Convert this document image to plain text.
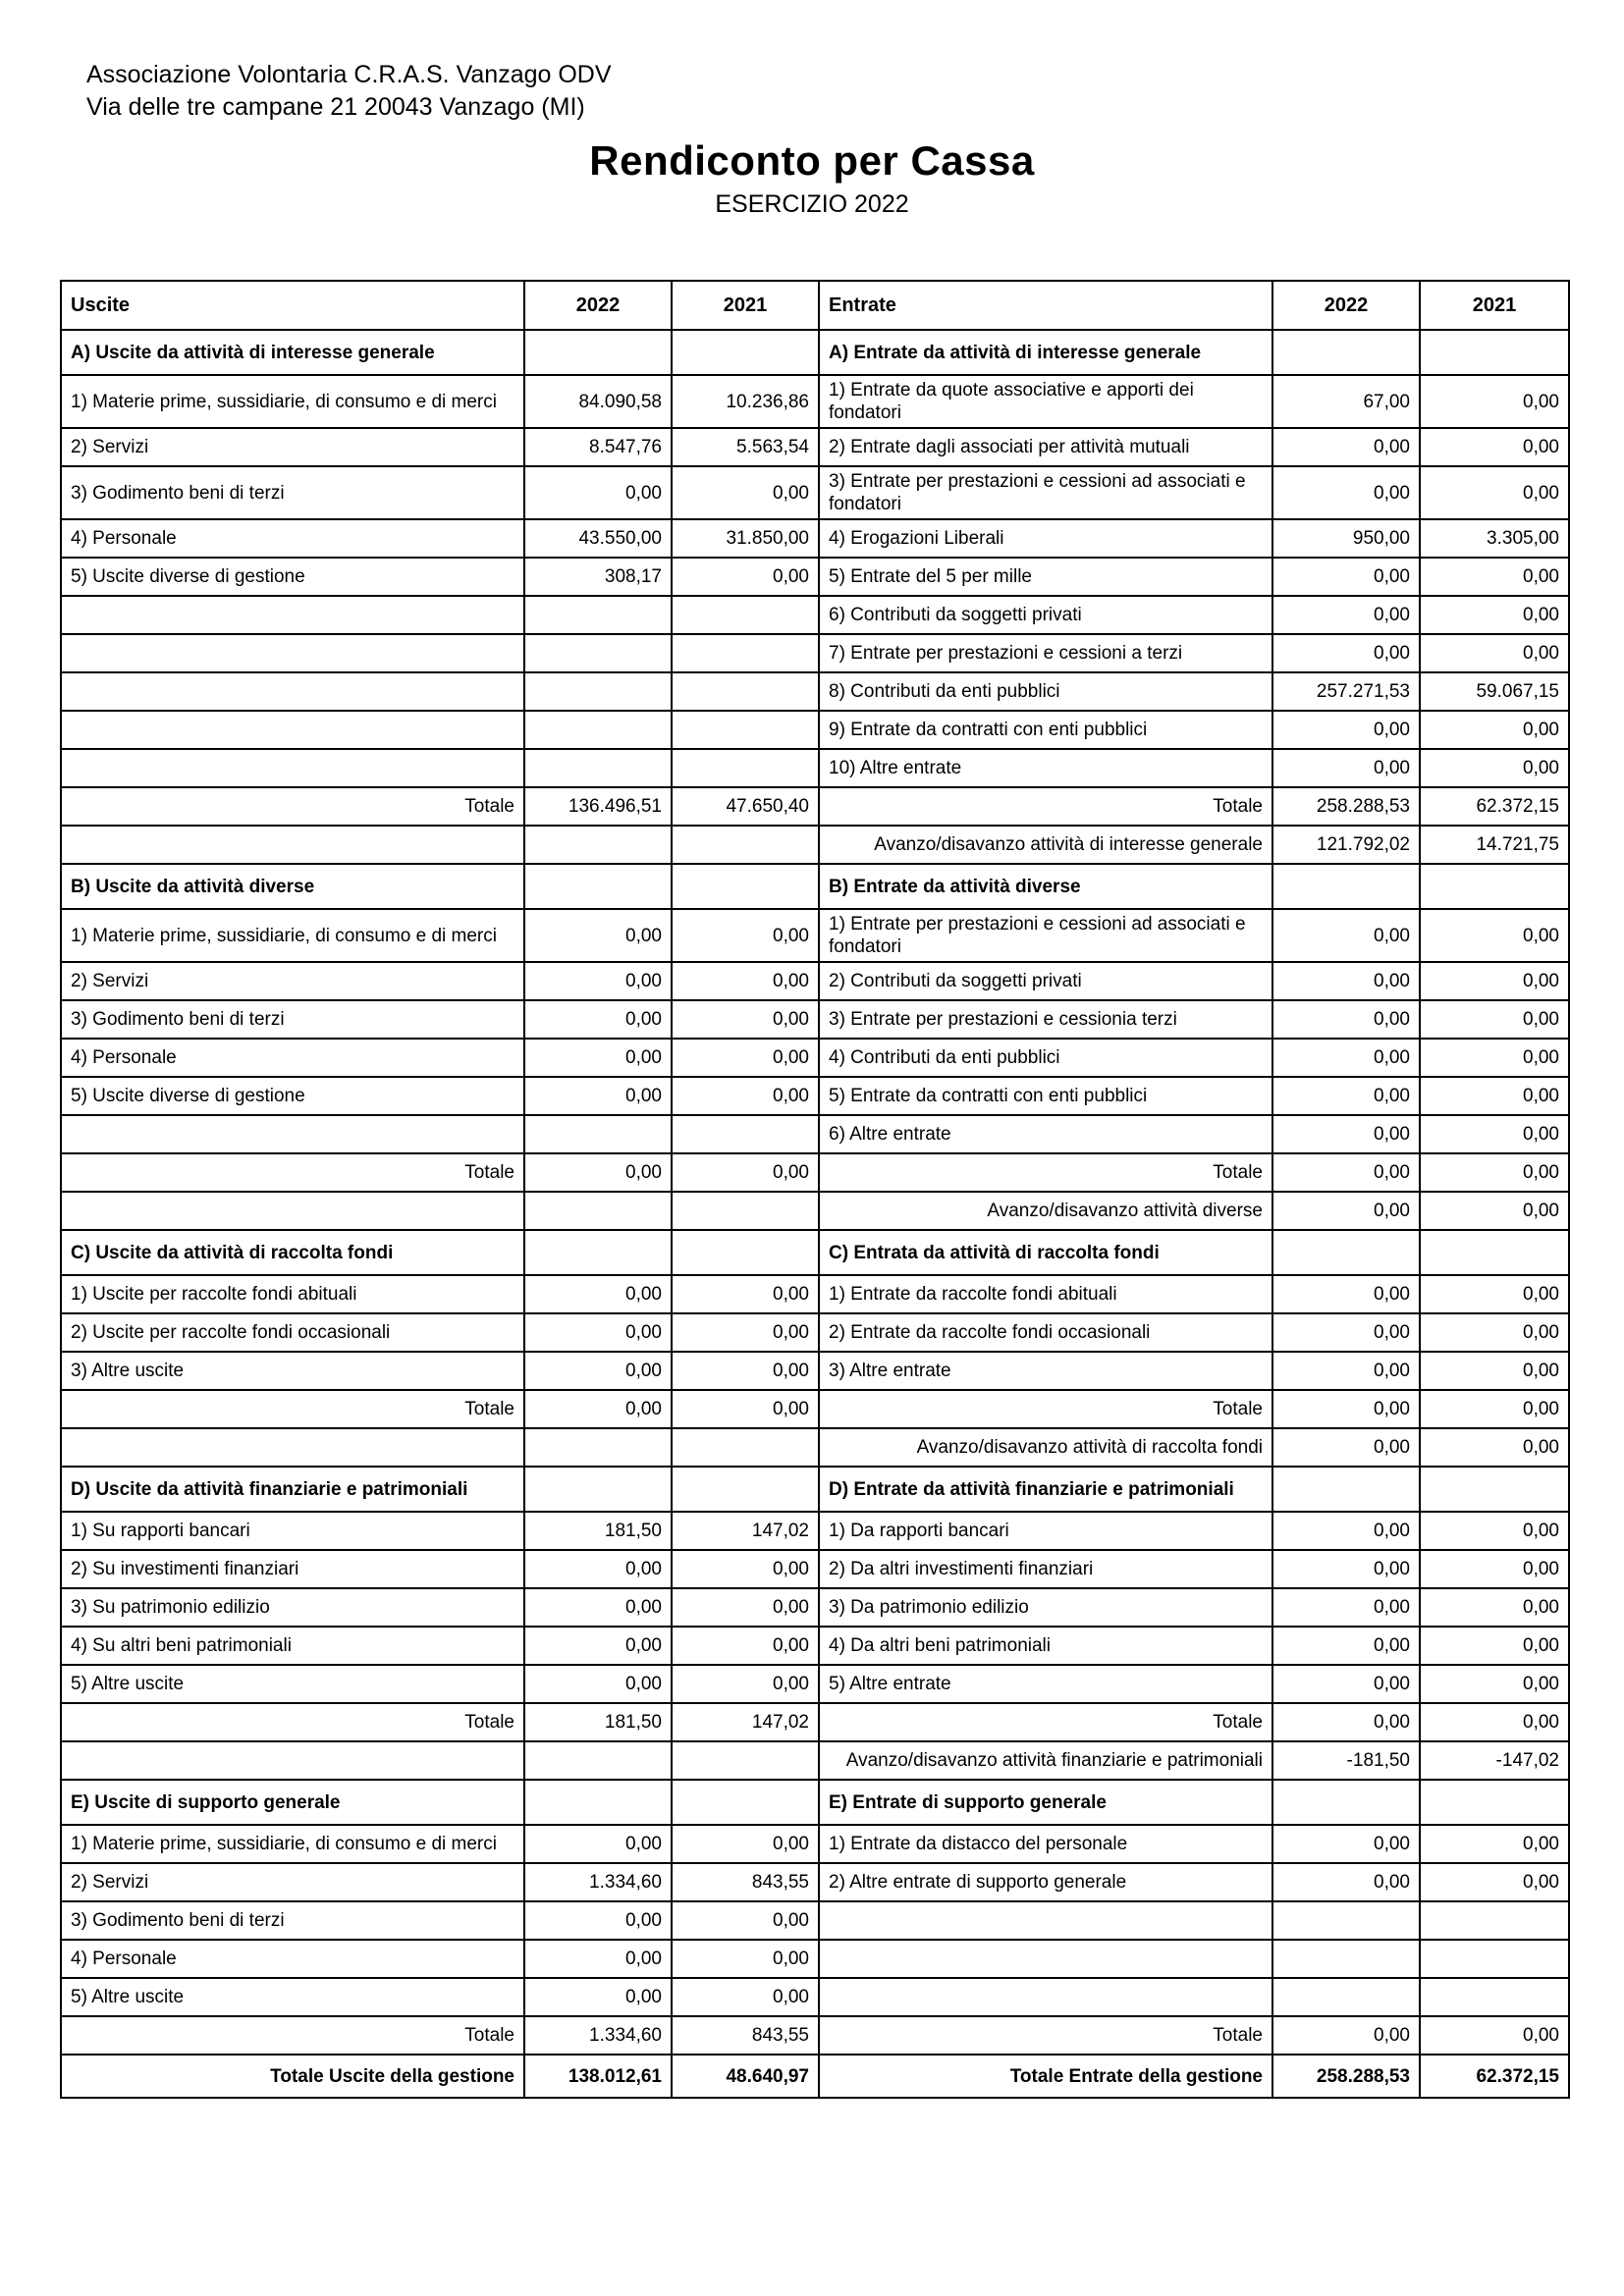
Associazione Volontaria C.R.A.S. Vanzago ODV
Via delle tre campane 21 20043 Vanzago (MI)
Rendiconto per Cassa
ESERCIZIO 2022
Uscite	2022	2021	Entrate	2022	2021
A) Uscite da attività di interesse generale			A) Entrate da attività di interesse generale		
1) Materie prime, sussidiarie, di consumo e di merci	84.090,58	10.236,86	1) Entrate da quote associative e apporti dei fondatori	67,00	0,00
2) Servizi	8.547,76	5.563,54	2) Entrate dagli associati per attività mutuali	0,00	0,00
3) Godimento beni di terzi	0,00	0,00	3) Entrate per prestazioni e cessioni ad associati e fondatori	0,00	0,00
4) Personale	43.550,00	31.850,00	4) Erogazioni Liberali	950,00	3.305,00
5) Uscite diverse di gestione	308,17	0,00	5) Entrate del 5 per mille	0,00	0,00
			6) Contributi da soggetti privati	0,00	0,00
			7) Entrate per prestazioni e cessioni a terzi	0,00	0,00
			8) Contributi da enti pubblici	257.271,53	59.067,15
			9) Entrate da contratti con enti pubblici	0,00	0,00
			10) Altre entrate	0,00	0,00
Totale	136.496,51	47.650,40	Totale	258.288,53	62.372,15
			Avanzo/disavanzo attività di interesse generale	121.792,02	14.721,75
B) Uscite da attività diverse			B) Entrate da attività diverse		
1) Materie prime, sussidiarie, di consumo e di merci	0,00	0,00	1) Entrate per prestazioni e cessioni ad associati e fondatori	0,00	0,00
2) Servizi	0,00	0,00	2) Contributi da soggetti privati	0,00	0,00
3) Godimento beni di terzi	0,00	0,00	3) Entrate per prestazioni e cessionia terzi	0,00	0,00
4) Personale	0,00	0,00	4) Contributi da enti pubblici	0,00	0,00
5) Uscite diverse di gestione	0,00	0,00	5) Entrate da contratti con enti pubblici	0,00	0,00
			6) Altre entrate	0,00	0,00
Totale	0,00	0,00	Totale	0,00	0,00
			Avanzo/disavanzo attività diverse	0,00	0,00
C) Uscite da attività di raccolta fondi			C) Entrata da attività di raccolta fondi		
1) Uscite per raccolte fondi abituali	0,00	0,00	1) Entrate da raccolte fondi abituali	0,00	0,00
2) Uscite per raccolte fondi occasionali	0,00	0,00	2) Entrate da raccolte fondi occasionali	0,00	0,00
3) Altre uscite	0,00	0,00	3) Altre entrate	0,00	0,00
Totale	0,00	0,00	Totale	0,00	0,00
			Avanzo/disavanzo attività di raccolta fondi	0,00	0,00
D) Uscite da attività finanziarie e patrimoniali			D) Entrate da attività finanziarie e patrimoniali		
1) Su rapporti bancari	181,50	147,02	1) Da rapporti bancari	0,00	0,00
2) Su investimenti finanziari	0,00	0,00	2) Da altri investimenti finanziari	0,00	0,00
3) Su patrimonio edilizio	0,00	0,00	3) Da patrimonio edilizio	0,00	0,00
4) Su altri beni patrimoniali	0,00	0,00	4) Da altri beni patrimoniali	0,00	0,00
5) Altre uscite	0,00	0,00	5) Altre entrate	0,00	0,00
Totale	181,50	147,02	Totale	0,00	0,00
			Avanzo/disavanzo attività finanziarie e patrimoniali	-181,50	-147,02
E) Uscite di supporto generale			E) Entrate di supporto generale		
1) Materie prime, sussidiarie, di consumo e di merci	0,00	0,00	1) Entrate da distacco del personale	0,00	0,00
2) Servizi	1.334,60	843,55	2) Altre entrate di supporto generale	0,00	0,00
3) Godimento beni di terzi	0,00	0,00			
4) Personale	0,00	0,00			
5) Altre uscite	0,00	0,00			
Totale	1.334,60	843,55	Totale	0,00	0,00
Totale Uscite della gestione	138.012,61	48.640,97	Totale Entrate della gestione	258.288,53	62.372,15
